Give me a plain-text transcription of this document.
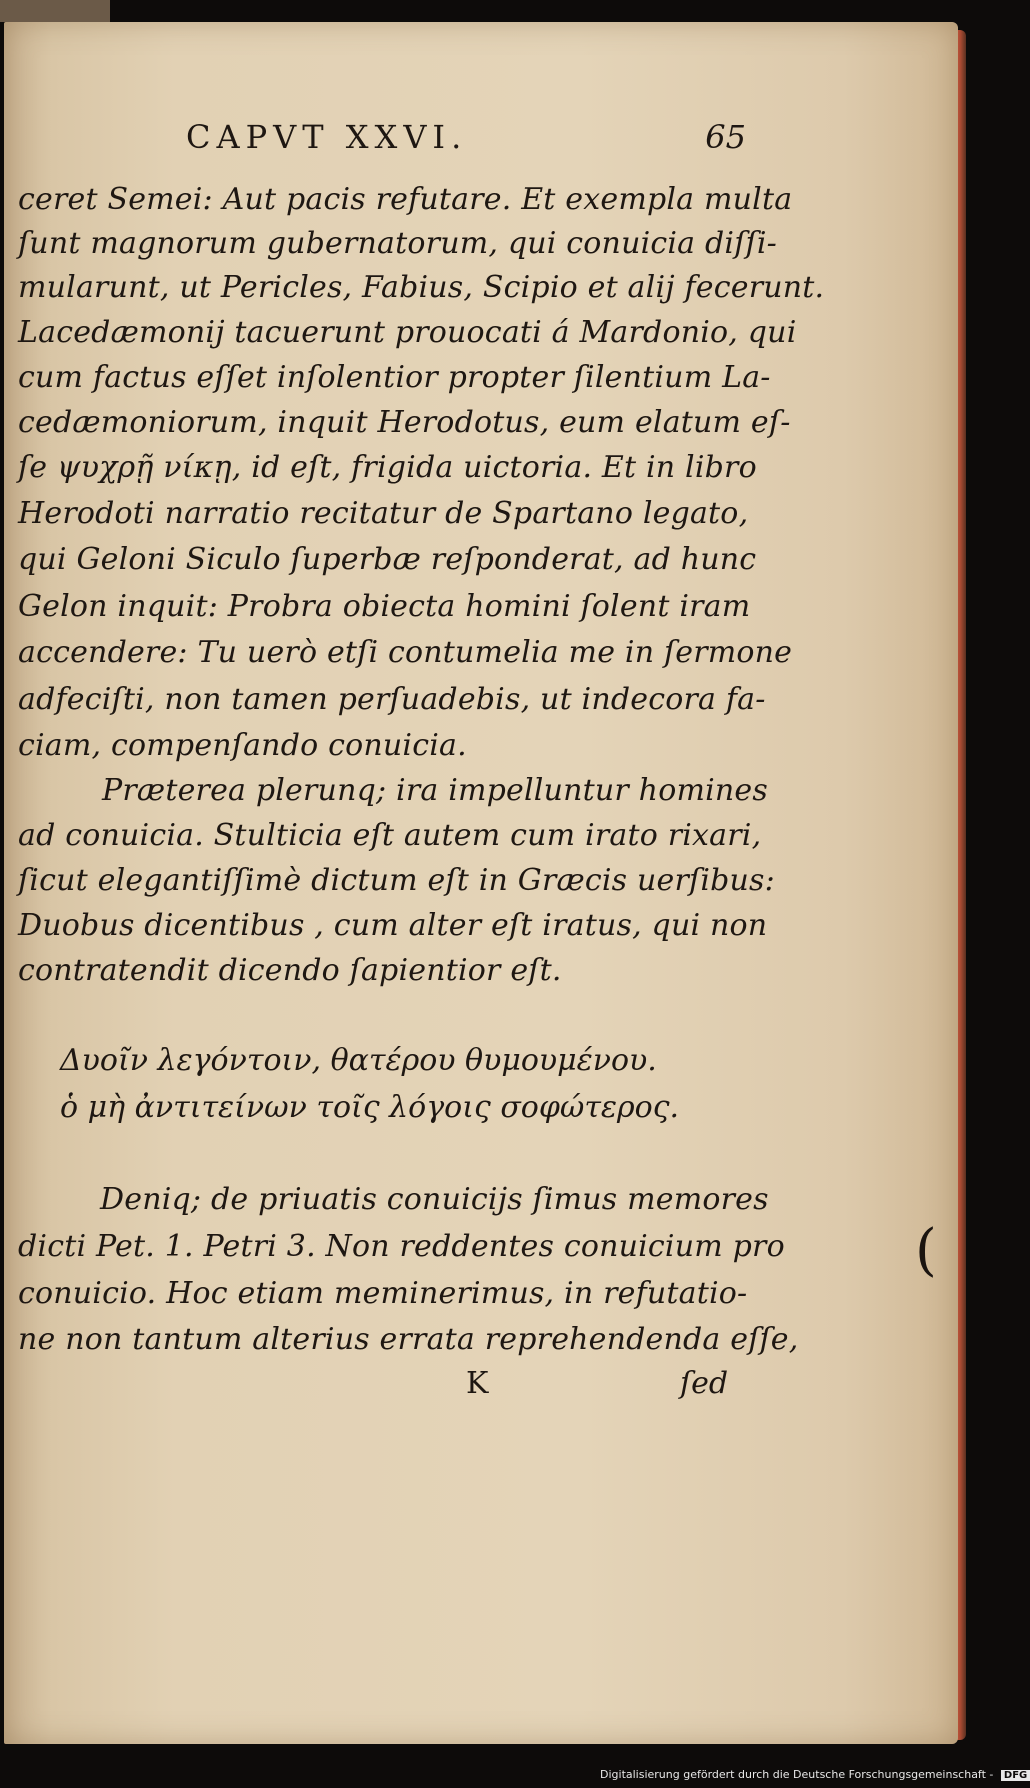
CAPVT XXVI.	65
ceret Semei: Aut pacis refutare. Et exempla multa
ſunt magnorum gubernatorum, qui conuicia diſſi-
mularunt, ut Pericles, Fabius, Scipio et alij fecerunt.
Lacedæmonij tacuerunt prouocati á Mardonio, qui
cum factus eſſet inſolentior propter ſilentium La-
cedæmoniorum, inquit Herodotus, eum elatum eſ-
ſe ψυχρῇ νίκῃ, id eſt, frigida uictoria. Et in libro
Herodoti narratio recitatur de Spartano legato,
qui Geloni Siculo ſuperbæ reſponderat, ad hunc
Gelon inquit: Probra obiecta homini ſolent iram
accendere: Tu uerò etſi contumelia me in ſermone
adfeciſti, non tamen perſuadebis, ut indecora fa-
ciam, compenſando conuicia.
Præterea plerunq; ira impelluntur homines
ad conuicia. Stulticia eſt autem cum irato rixari,
ſicut elegantiſſimè dictum eſt in Græcis uerſibus:
Duobus dicentibus , cum alter eſt iratus, qui non
contratendit dicendo ſapientior eſt.
Δυοῖν λεγόντοιν, θατέρου θυμουμένου.
ὁ μὴ ἀντιτείνων τοῖς λόγοις σοφώτερος.
Deniq; de priuatis conuicijs ſimus memores
dicti Pet. 1. Petri 3. Non reddentes conuicium pro
conuicio. Hoc etiam meminerimus, in refutatio-
ne non tantum alterius errata reprehendenda eſſe,
K	ſed
(
Digitalisierung gefördert durch die Deutsche Forschungsgemeinschaft - DFG
